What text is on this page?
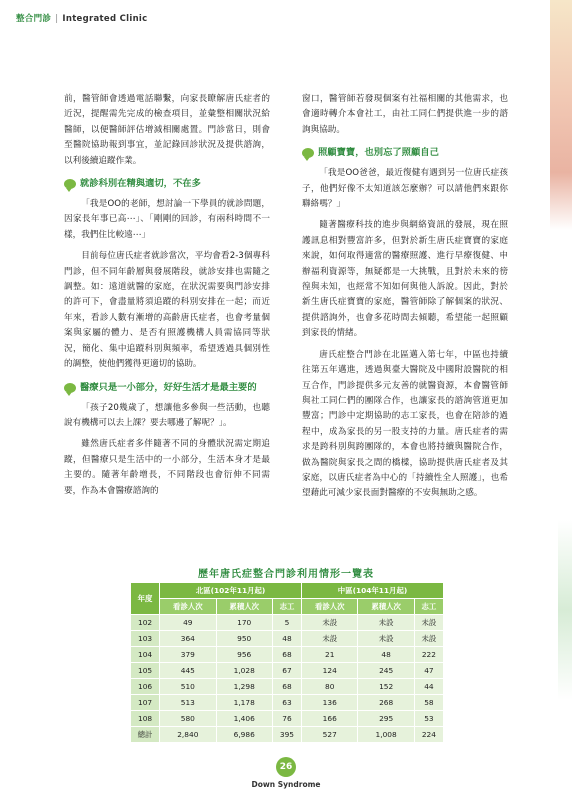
整合門診 | Integrated Clinic

前，醫管師會透過電話聯繫，向家長瞭解唐氏症者的近況，提醒需先完成的檢查項目，並彙整相關狀況給醫師，以便醫師評估增減相關處置。門診當日，則會至醫院協助報到事宜，並記錄回診狀況及提供諮詢，以利後續追蹤作業。

就診科別在精與適切，不在多

「我是OO的老師，想討論一下學員的就診問題，因家長年事已高⋯」、「剛剛的回診，有兩科時間不一樣，我們住比較遠⋯」

目前每位唐氏症者就診當次，平均會看2-3個專科門診，但不同年齡層與發展階段，就診安排也需隨之調整。如：遠道就醫的家庭，在狀況需要與門診安排的許可下，會盡量將須追蹤的科別安排在一起；而近年來，看診人數有漸增的高齡唐氏症者，也會考量個案與家屬的體力、是否有照護機構人員需協同等狀況，簡化、集中追蹤科別與頻率，希望透過具個別性的調整，使他們獲得更適切的協助。

醫療只是一小部分，好好生活才是最主要的

「孩子20幾歲了，想讓他多參與一些活動，也聽說有機構可以去上課？要去哪邊了解呢？」。

雖然唐氏症者多伴隨著不同的身體狀況需定期追蹤，但醫療只是生活中的一小部分，生活本身才是最主要的。隨著年齡增長，不同階段也會衍伸不同需要，作為本會醫療諮詢的

窗口，醫管師若發現個案有社福相關的其他需求，也會適時轉介本會社工，由社工同仁們提供進一步的諮詢與協助。

照顧寶寶，也別忘了照顧自己

「我是OO爸爸，最近復健有遇到另一位唐氏症孩子，他們好像不太知道該怎麼辦？可以請他們來跟你聯絡嗎？」

隨著醫療科技的進步與網絡資訊的發展，現在照護訊息相對豐富許多，但對於新生唐氏症寶寶的家庭來說，如何取得適當的醫療照護、進行早療復健、申辦福利資源等，無疑都是一大挑戰，且對於未來的徬徨與未知，也經常不知如何與他人訴說。因此，對於新生唐氏症寶寶的家庭，醫管師除了解個案的狀況、提供諮詢外，也會多花時間去傾聽，希望能一起照顧到家長的情緒。

唐氏症整合門診在北區邁入第七年，中區也持續往第五年邁進，透過與臺大醫院及中國附設醫院的相互合作，門診提供多元友善的就醫資源，本會醫管師與社工同仁們的團隊合作，也讓家長的諮詢管道更加豐富；門診中定期協助的志工家長，也會在陪診的過程中，成為家長的另一股支持的力量。唐氏症者的需求是跨科別與跨團隊的，本會也將持續與醫院合作，做為醫院與家長之間的橋樑，協助提供唐氏症者及其家庭，以唐氏症者為中心的「持續性全人照護」，也希望藉此可減少家長面對醫療的不安與無助之感。

歷年唐氏症整合門診利用情形一覽表
年度	北區(102年11月起)			中區(104年11月起)		
	看診人次	累積人次	志工	看診人次	累積人次	志工
102	49	170	5	未設	未設	未設
103	364	950	48	未設	未設	未設
104	379	956	68	21	48	222
105	445	1,028	67	124	245	47
106	510	1,298	68	80	152	44
107	513	1,178	63	136	268	58
108	580	1,406	76	166	295	53
總計	2,840	6,986	395	527	1,008	224
26
Down Syndrome
